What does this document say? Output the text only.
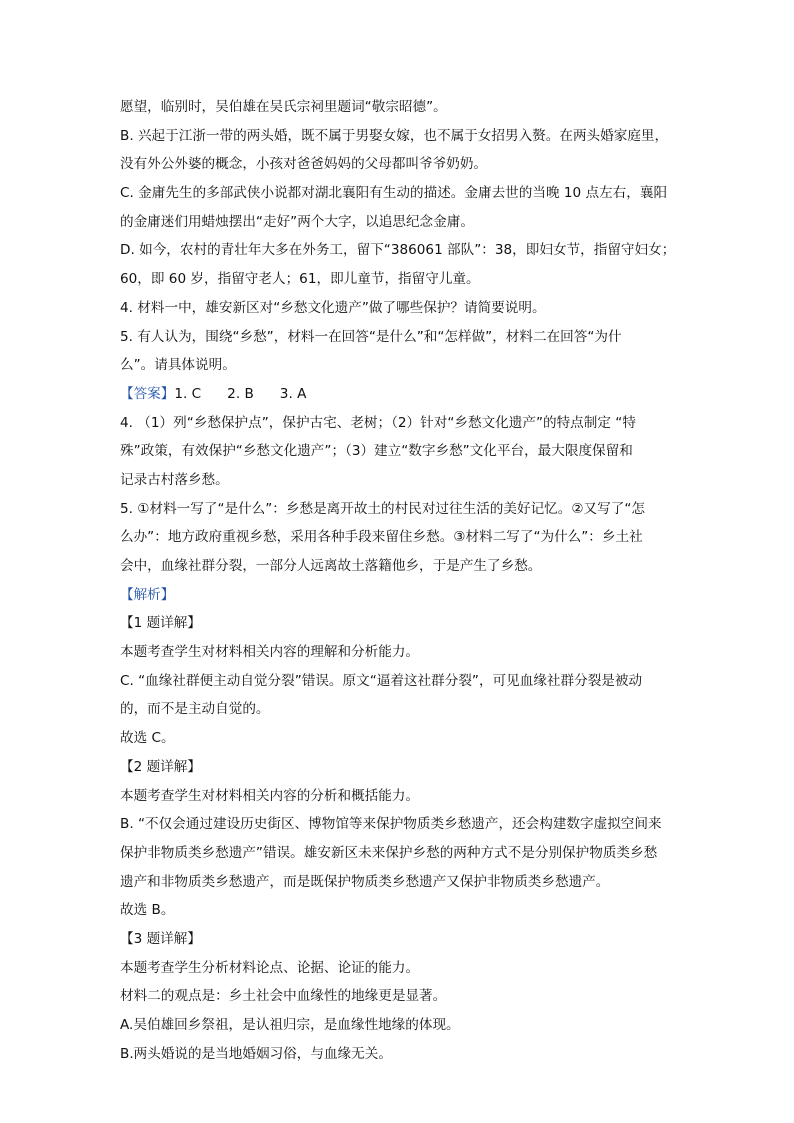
愿望，临别时，吴伯雄在吴氏宗祠里题词“敬宗昭德”。
B. 兴起于江浙一带的两头婚，既不属于男娶女嫁，也不属于女招男入赘。在两头婚家庭里，
没有外公外婆的概念，小孩对爸爸妈妈的父母都叫爷爷奶奶。
C. 金庸先生的多部武侠小说都对湖北襄阳有生动的描述。金庸去世的当晚 10 点左右，襄阳
的金庸迷们用蜡烛摆出“走好”两个大字，以追思纪念金庸。
D. 如今，农村的青壮年大多在外务工，留下“386061 部队”：38，即妇女节，指留守妇女；
60，即 60 岁，指留守老人；61，即儿童节，指留守儿童。
4. 材料一中，雄安新区对“乡愁文化遗产”做了哪些保护？请简要说明。
5. 有人认为，围绕“乡愁”，材料一在回答“是什么”和“怎样做”，材料二在回答“为什
么”。请具体说明。
【答案】1. C 2. B 3. A
4. （1）列“乡愁保护点”，保护古宅、老树；（2）针对“乡愁文化遗产”的特点制定 “特
殊”政策，有效保护“乡愁文化遗产”；（3）建立“数字乡愁”文化平台，最大限度保留和
记录古村落乡愁。
5. ①材料一写了“是什么”：乡愁是离开故土的村民对过往生活的美好记忆。②又写了“怎
么办”：地方政府重视乡愁，采用各种手段来留住乡愁。③材料二写了“为什么”：乡土社
会中，血缘社群分裂，一部分人远离故土落籍他乡，于是产生了乡愁。
【解析】
【1 题详解】
本题考查学生对材料相关内容的理解和分析能力。
C. “血缘社群便主动自觉分裂”错误。原文“逼着这社群分裂”，可见血缘社群分裂是被动
的，而不是主动自觉的。
故选 C。
【2 题详解】
本题考查学生对材料相关内容的分析和概括能力。
B. “不仅会通过建设历史街区、博物馆等来保护物质类乡愁遗产，还会构建数字虚拟空间来
保护非物质类乡愁遗产”错误。雄安新区未来保护乡愁的两种方式不是分别保护物质类乡愁
遗产和非物质类乡愁遗产，而是既保护物质类乡愁遗产又保护非物质类乡愁遗产。
故选 B。
【3 题详解】
本题考查学生分析材料论点、论据、论证的能力。
材料二的观点是：乡土社会中血缘性的地缘更是显著。
A.吴伯雄回乡祭祖，是认祖归宗，是血缘性地缘的体现。
B.两头婚说的是当地婚姻习俗，与血缘无关。
